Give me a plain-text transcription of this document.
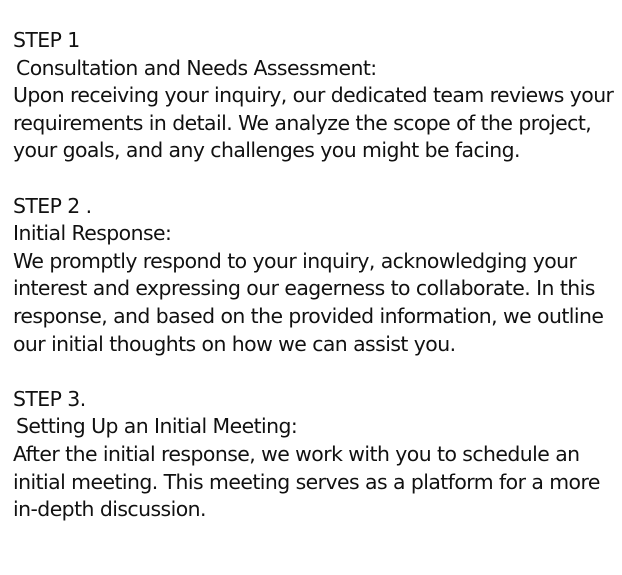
STEP 1
Consultation and Needs Assessment:
Upon receiving your inquiry, our dedicated team reviews your requirements in detail. We analyze the scope of the project, your goals, and any challenges you might be facing.
STEP 2 .
Initial Response:
We promptly respond to your inquiry, acknowledging your interest and expressing our eagerness to collaborate. In this response, and based on the provided information, we outline our initial thoughts on how we can assist you.
STEP 3.
Setting Up an Initial Meeting:
After the initial response, we work with you to schedule an initial meeting. This meeting serves as a platform for a more in-depth discussion.
